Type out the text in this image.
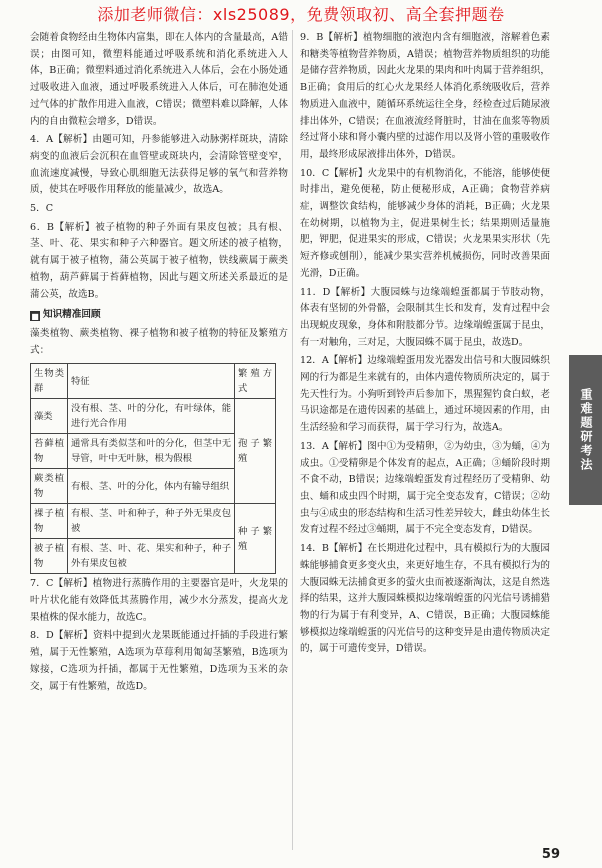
添加老师微信：xls25089，免费领取初、高全套押题卷

会随着食物经由生物体内富集，即在人体内的含量最高，A错误；由图可知，微塑料能通过呼吸系统和消化系统进入人体，B正确；微塑料通过消化系统进入人体后，会在小肠处通过吸收进入血液，通过呼吸系统进入人体后，可在肺泡处通过气体的扩散作用进入血液，C错误；微塑料难以降解，人体内的自由微粒会增多，D错误。

4．A【解析】由题可知，丹参能够进入动脉粥样斑块，清除病变的血液后会沉积在血管壁或斑块内，会清除管壁变窄，血流速度减慢，导致心肌细胞无法获得足够的氧气和营养物质，使其在呼吸作用释放的能量减少，故选A。

5．C

6．B【解析】被子植物的种子外面有果皮包被；具有根、茎、叶、花、果实和种子六种器官。题文所述的被子植物，就有属于被子植物，蒲公英属于被子植物，铁线蕨属于蕨类植物，葫芦藓属于苔藓植物，因此与题文所述关系最近的是蒲公英，故选B。

■ 知识精准回顾

藻类植物、蕨类植物、裸子植物和被子植物的特征及繁殖方式：

生物类群	特征	繁殖方式
藻类	没有根、茎、叶的分化，有叶绿体，能进行光合作用	孢子繁殖
苔藓植物	通常具有类似茎和叶的分化，但茎中无导管，叶中无叶脉，根为假根	
蕨类植物	有根、茎、叶的分化，体内有输导组织	
裸子植物	有根、茎、叶和种子，种子外无果皮包被	种子繁殖
被子植物	有根、茎、叶、花、果实和种子，种子外有果皮包被	

7．C【解析】植物进行蒸腾作用的主要器官是叶，火龙果的叶片状化能有效降低其蒸腾作用，减少水分蒸发，提高火龙果植株的保水能力，故选C。

8．D【解析】资料中提到火龙果既能通过扦插的手段进行繁殖，属于无性繁殖，A选项为草莓利用匍匐茎繁殖，B选项为嫁接，C选项为扦插，都属于无性繁殖，D选项为玉米的杂交，属于有性繁殖，故选D。

9．B【解析】植物细胞的液泡内含有细胞液，溶解着色素和糖类等植物营养物质，A错误；植物营养物质组织的功能是储存营养物质，因此火龙果的果肉和叶肉属于营养组织，B正确；食用后的红心火龙果经人体消化系统吸收后，营养物质进入血液中，随循环系统运往全身，经检查过后随尿液排出体外，C错误；在血液流经肾脏时，甘油在血浆等物质经过肾小球和肾小囊内壁的过滤作用以及肾小管的重吸收作用，最终形成尿液排出体外，D错误。

10．C【解析】火龙果中的有机物消化，不能溶，能够使便时排出，避免便秘，防止便秘形成，A正确；食物营养病症，调整饮食结构，能够减少身体的消耗，B正确；火龙果在幼树期，以植物为主，促进果树生长；结果期则适量施肥，钾肥，促进果实的形成，C错误；火龙果果实形状（先短齐修或刨削），能减少果实营养机械损伤，同时改善果面光滑，D正确。

11．D【解析】大腹园蛛与边缘端蝗蛋都属于节肢动物，体表有坚韧的外骨骼，会限制其生长和发育，发育过程中会出现蜕皮现象，身体和附肢都分节。边缘端蝗蛋属于昆虫，有一对触角，三对足，大腹园蛛不属于昆虫，故选D。

12．A【解析】边缘端蝗蛋用发光器发出信号和大腹园蛛织网的行为都是生来就有的，由体内遗传物质所决定的，属于先天性行为。小狗听到铃声后参加下，黑猩猩钓食白蚁，老马识途都是在遗传因素的基础上，通过环境因素的作用，由生活经验和学习而获得，属于学习行为，故选A。

13．A【解析】图中①为受精卵，②为幼虫，③为蛹，④为成虫。①受精卵是个体发育的起点，A正确；③蛹阶段时期不食不动，B错误；边缘端蝗蛋发育过程经历了受精卵、幼虫、蛹和成虫四个时期，属于完全变态发育，C错误；②幼虫与④成虫的形态结构和生活习性差异较大，雌虫幼体生长发育过程不经过③蛹期，属于不完全变态发育，D错误。

14．B【解析】在长期进化过程中，具有模拟行为的大腹园蛛能够捕食更多变火虫，来更好地生存，不具有模拟行为的大腹园蛛无法捕食更多的萤火虫而被逐渐淘汰，这是自然选择的结果，这并大腹园蛛模拟边缘端蝗蛋的闪光信号诱捕猎物的行为属于有利变异，A、C错误，B正确；大腹园蛛能够模拟边缘端蝗蛋的闪光信号的这种变异是由遗传物质决定的，属于可遗传变异，D错误。

重难题研考法
59
